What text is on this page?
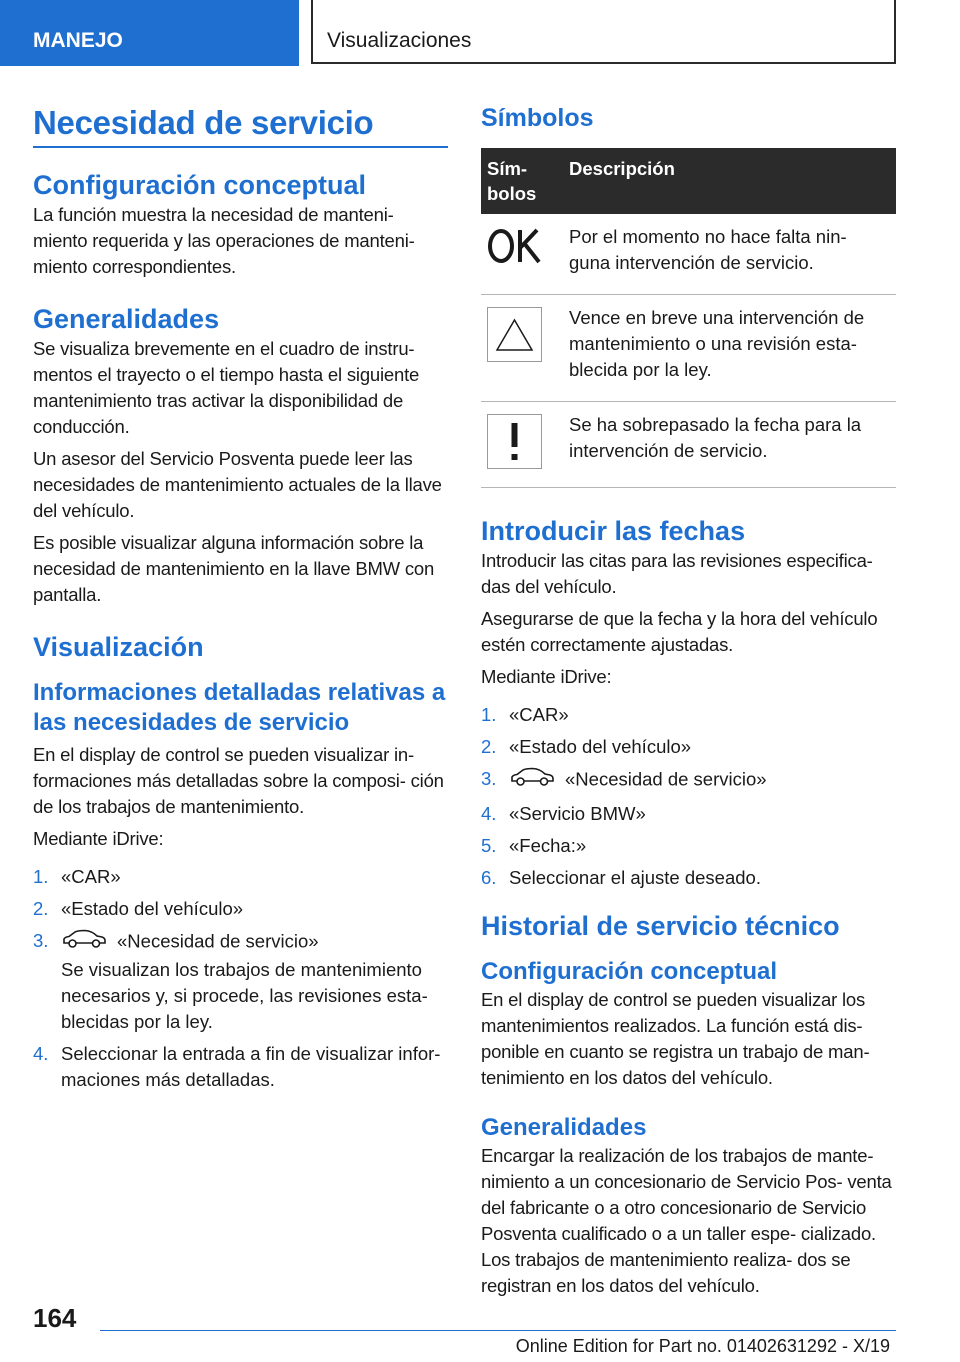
MANEJO	Visualizaciones
Necesidad de servicio
Configuración conceptual

La función muestra la necesidad de manteni- miento requerida y las operaciones de manteni- miento correspondientes.

Generalidades

Se visualiza brevemente en el cuadro de instru- mentos el trayecto o el tiempo hasta el siguiente mantenimiento tras activar la disponibilidad de conducción.

Un asesor del Servicio Posventa puede leer las necesidades de mantenimiento actuales de la llave del vehículo.

Es posible visualizar alguna información sobre la necesidad de mantenimiento en la llave BMW con pantalla.

Visualización
Informaciones detalladas relativas a las necesidades de servicio

En el display de control se pueden visualizar in- formaciones más detalladas sobre la composi- ción de los trabajos de mantenimiento.

Mediante iDrive:

1. «CAR»
2. «Estado del vehículo»
3.	«Necesidad de servicio»
Se visualizan los trabajos de mantenimiento necesarios y, si procede, las revisiones esta- blecidas por la ley.
4. Seleccionar la entrada a fin de visualizar infor- maciones más detalladas.
Símbolos
Sím- bolos	Descripción

	Por el momento no hace falta nin- guna intervención de servicio.

	Vence en breve una intervención de mantenimiento o una revisión esta- blecida por la ley.

	Se ha sobrepasado la fecha para la intervención de servicio.
Introducir las fechas

Introducir las citas para las revisiones especifica- das del vehículo.

Asegurarse de que la fecha y la hora del vehículo estén correctamente ajustadas.

Mediante iDrive:

1. «CAR»
2. «Estado del vehículo»
3.	«Necesidad de servicio»
4. «Servicio BMW»
5. «Fecha:»
6. Seleccionar el ajuste deseado.
Historial de servicio técnico
Configuración conceptual

En el display de control se pueden visualizar los mantenimientos realizados. La función está dis- ponible en cuanto se registra un trabajo de man- tenimiento en los datos del vehículo.

Generalidades

Encargar la realización de los trabajos de mante- nimiento a un concesionario de Servicio Pos- venta del fabricante o a otro concesionario de Servicio Posventa cualificado o a un taller espe- cializado. Los trabajos de mantenimiento realiza- dos se registran en los datos del vehículo.

164
Online Edition for Part no. 01402631292 - X/19
